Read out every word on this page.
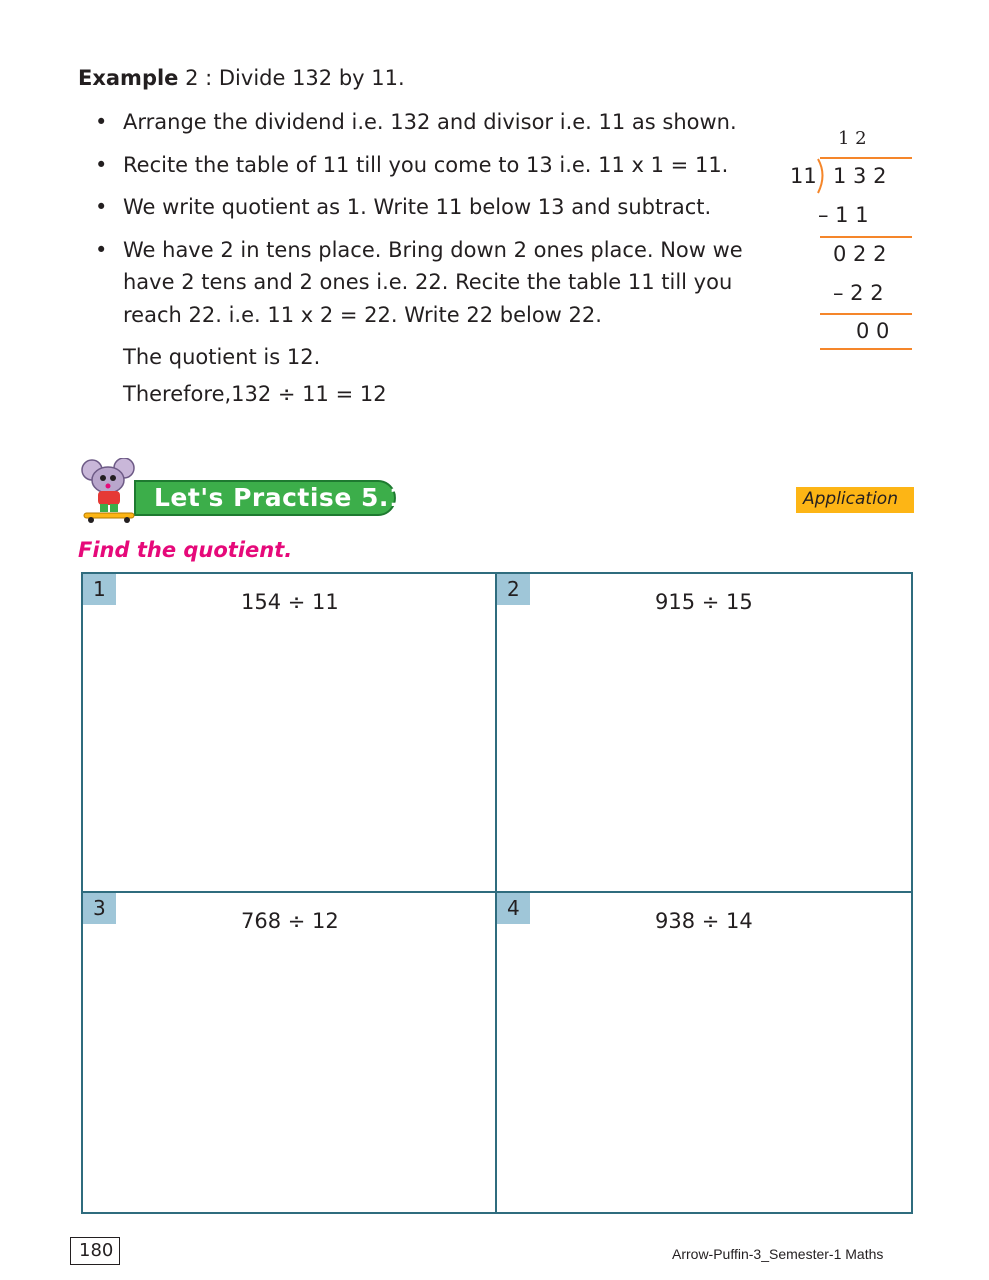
Example 2 : Divide 132 by 11.
• Arrange the dividend i.e. 132 and divisor i.e. 11 as shown.
• Recite the table of 11 till you come to 13 i.e. 11 x 1 = 11.
• We write quotient as 1. Write 11 below 13 and subtract.
• We have 2 in tens place. Bring down 2 ones place. Now we have 2 tens and 2 ones i.e. 22. Recite the table 11 till you reach 22. i.e. 11 x 2 = 22. Write 22 below 22.
The quotient is 12.
Therefore,132 ÷ 11 = 12
1 2
11 1 3 2
– 1 1
0 2 2
– 2 2
0 0
Let's Practise 5.10	Application
Find the quotient.
1
154 ÷ 11
2
915 ÷ 15
3
768 ÷ 12
4
938 ÷ 14
180	Arrow-Puffin-3_Semester-1 Maths
